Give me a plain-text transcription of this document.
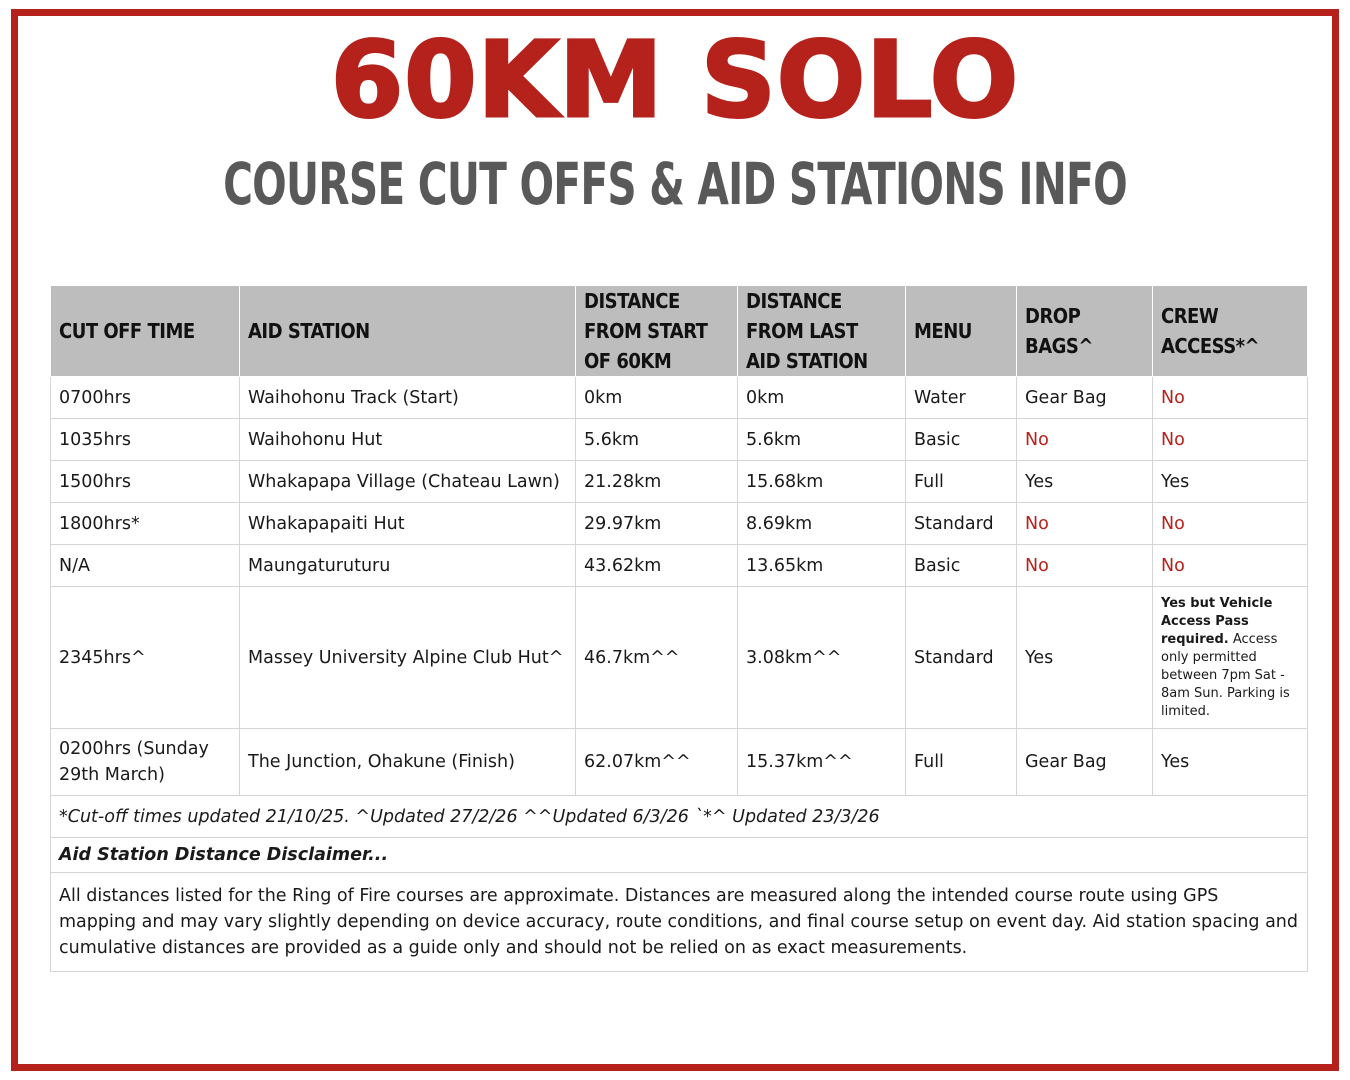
60KM SOLO
COURSE CUT OFFS & AID STATIONS INFO
CUT OFF TIME	AID STATION	DISTANCE FROM START OF 60KM	DISTANCE FROM LAST AID STATION	MENU	DROP BAGS^	CREW ACCESS*^
0700hrs	Waihohonu Track (Start)	0km	0km	Water	Gear Bag	No
1035hrs	Waihohonu Hut	5.6km	5.6km	Basic	No	No
1500hrs	Whakapapa Village (Chateau Lawn)	21.28km	15.68km	Full	Yes	Yes
1800hrs*	Whakapapaiti Hut	29.97km	8.69km	Standard	No	No
N/A	Maungaturuturu	43.62km	13.65km	Basic	No	No
2345hrs^	Massey University Alpine Club Hut^	46.7km^^	3.08km^^	Standard	Yes	Yes but Vehicle Access Pass required. Access only permitted between 7pm Sat - 8am Sun. Parking is limited.
0200hrs (Sunday 29th March)	The Junction, Ohakune (Finish)	62.07km^^	15.37km^^	Full	Gear Bag	Yes
*Cut-off times updated 21/10/25. ^Updated 27/2/26 ^^Updated 6/3/26 `*^ Updated 23/3/26						
Aid Station Distance Disclaimer...						
All distances listed for the Ring of Fire courses are approximate. Distances are measured along the intended course route using GPS mapping and may vary slightly depending on device accuracy, route conditions, and final course setup on event day. Aid station spacing and cumulative distances are provided as a guide only and should not be relied on as exact measurements.						
